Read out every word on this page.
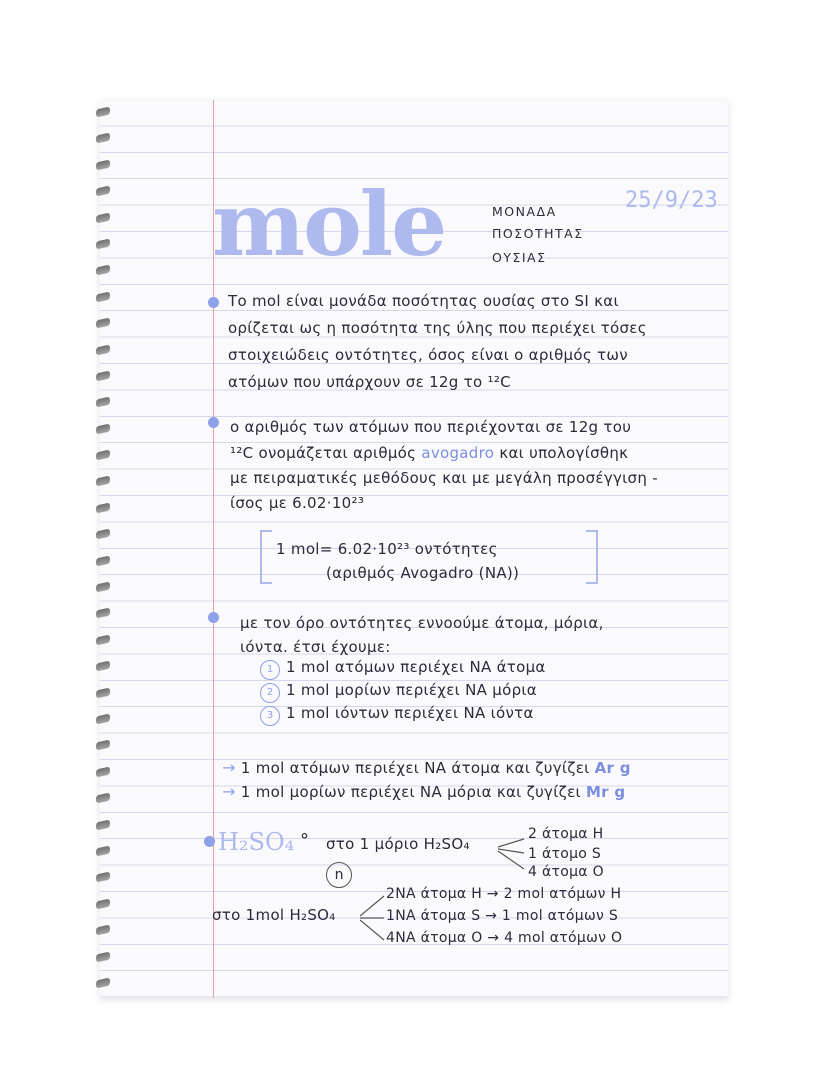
mole	25/9/23
ΜΟΝΑΔΑ
ΠΟΣΟΤΗΤΑΣ
ΟΥΣΙΑΣ
Το mol είναι μονάδα ποσότητας ουσίας στο SI και
ορίζεται ως η ποσότητα της ύλης που περιέχει τόσες
στοιχειώδεις οντότητες, όσος είναι ο αριθμός των
ατόμων που υπάρχουν σε 12g το ¹²C
ο αριθμός των ατόμων που περιέχονται σε 12g του
¹²C ονομάζεται αριθμός avogadro και υπολογίσθηκ
με πειραματικές μεθόδους και με μεγάλη προσέγγιση -
ίσος με 6.02·10²³
1 mol= 6.02·10²³ οντότητες
(αριθμός Avogadro (NA))
με τον όρο οντότητες εννοούμε άτομα, μόρια,
ιόντα. έτσι έχουμε:
1 1 mol ατόμων περιέχει NA άτομα
2 1 mol μορίων περιέχει NA μόρια
3 1 mol ιόντων περιέχει NA ιόντα
→ 1 mol ατόμων περιέχει NA άτομα και ζυγίζει Ar g
→ 1 mol μορίων περιέχει NA μόρια και ζυγίζει Mr g
H₂SO₄ ° στο 1 μόριο H₂SO₄
2 άτομα H
1 άτομο S
4 άτομα O
n
στο 1mol H₂SO₄
2NA άτομα H → 2 mol ατόμων H
1NA άτομα S → 1 mol ατόμων S
4NA άτομα O → 4 mol ατόμων O
